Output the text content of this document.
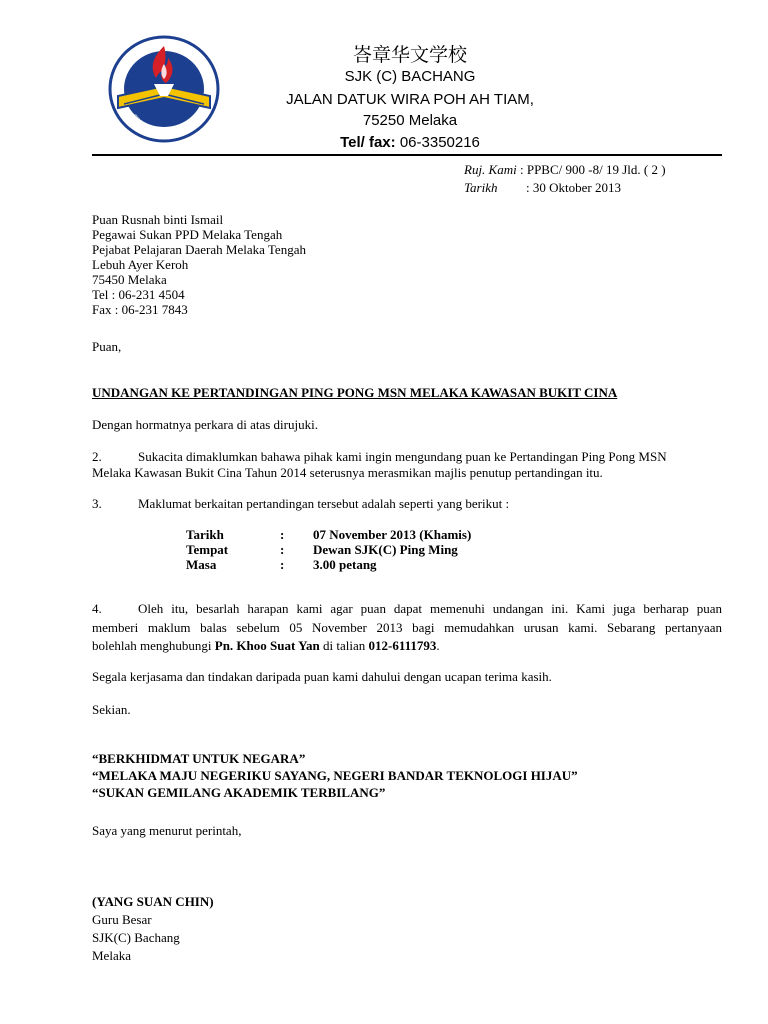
SJK (C) BACHANG
峇章华文学校
SJK (C) BACHANG
JALAN DATUK WIRA POH AH TIAM,
75250 Melaka
Tel/ fax: 06-3350216
Ruj. Kami : PPBC/ 900 -8/ 19 Jld. ( 2 )
Tarikh : 30 Oktober 2013
Puan Rusnah binti Ismail
Pegawai Sukan PPD Melaka Tengah
Pejabat Pelajaran Daerah Melaka Tengah
Lebuh Ayer Keroh
75450 Melaka
Tel : 06-231 4504
Fax : 06-231 7843
Puan,
UNDANGAN KE PERTANDINGAN PING PONG MSN MELAKA KAWASAN BUKIT CINA
Dengan hormatnya perkara di atas dirujuki.
2.	Sukacita dimaklumkan bahawa pihak kami ingin mengundang puan ke Pertandingan Ping Pong MSN
Melaka Kawasan Bukit Cina Tahun 2014 seterusnya merasmikan majlis penutup pertandingan itu.
3.	Maklumat berkaitan pertandingan tersebut adalah seperti yang berikut :
Tarikh	:	07 November 2013 (Khamis)
Tempat	:	Dewan SJK(C) Ping Ming
Masa	:	3.00 petang
4.	Oleh itu, besarlah harapan kami agar puan dapat memenuhi undangan ini. Kami juga berharap puan
memberi maklum balas sebelum 05 November 2013 bagi memudahkan urusan kami. Sebarang pertanyaan
bolehlah menghubungi Pn. Khoo Suat Yan di talian 012-6111793.
Segala kerjasama dan tindakan daripada puan kami dahului dengan ucapan terima kasih.
Sekian.
“BERKHIDMAT UNTUK NEGARA”
“MELAKA MAJU NEGERIKU SAYANG, NEGERI BANDAR TEKNOLOGI HIJAU”
“SUKAN GEMILANG AKADEMIK TERBILANG”
Saya yang menurut perintah,
(YANG SUAN CHIN)
Guru Besar
SJK(C) Bachang
Melaka
